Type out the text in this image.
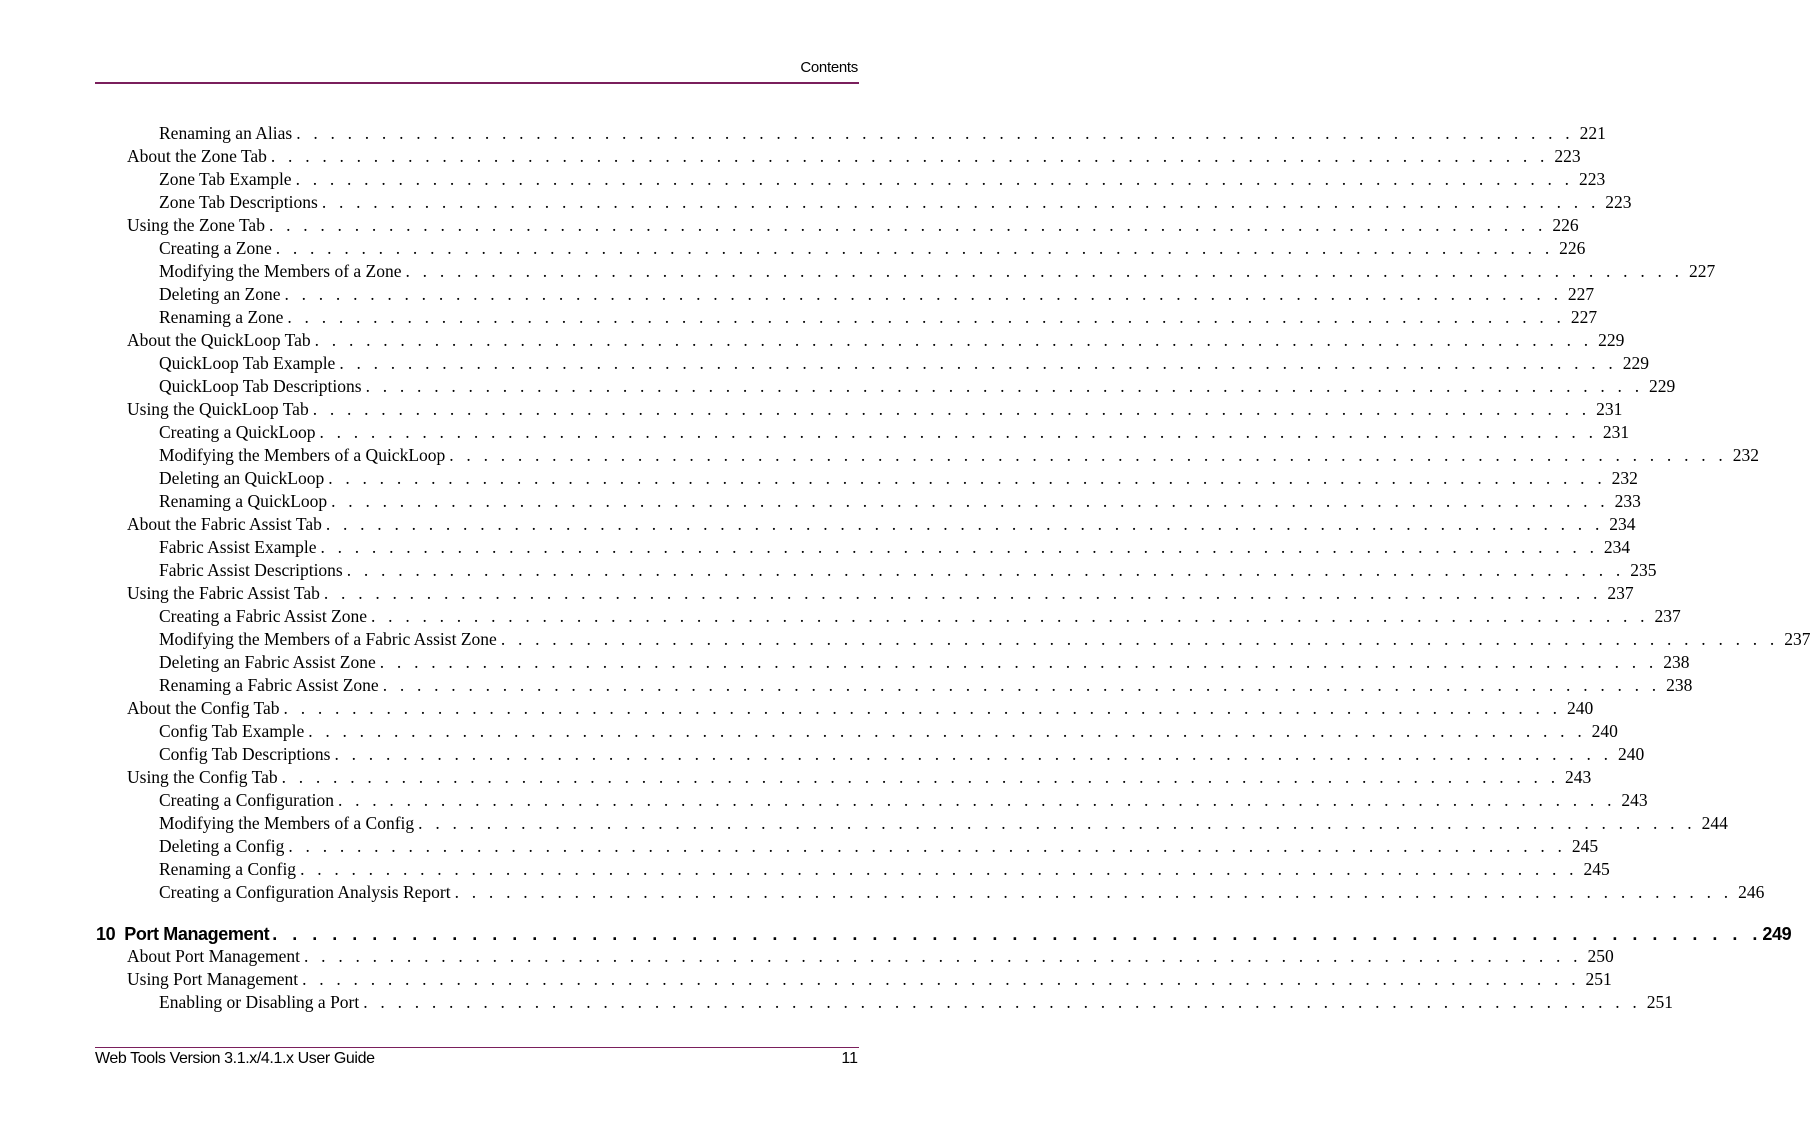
Contents
Renaming an Alias . . . . . . . . . . . . . . . . . . . . . . . . . . . . . . . . . . . . . . . . . . . . . . . . . . . . . . . . . . . . . . . . . . . . . . . . . . . 221
About the Zone Tab . . . . . . . . . . . . . . . . . . . . . . . . . . . . . . . . . . . . . . . . . . . . . . . . . . . . . . . . . . . . . . . . . . . . . . . . . . . 223
Zone Tab Example . . . . . . . . . . . . . . . . . . . . . . . . . . . . . . . . . . . . . . . . . . . . . . . . . . . . . . . . . . . . . . . . . . . . . . . . . . . 223
Zone Tab Descriptions . . . . . . . . . . . . . . . . . . . . . . . . . . . . . . . . . . . . . . . . . . . . . . . . . . . . . . . . . . . . . . . . . . . . . . . . . . . 223
Using the Zone Tab . . . . . . . . . . . . . . . . . . . . . . . . . . . . . . . . . . . . . . . . . . . . . . . . . . . . . . . . . . . . . . . . . . . . . . . . . . . 226
Creating a Zone . . . . . . . . . . . . . . . . . . . . . . . . . . . . . . . . . . . . . . . . . . . . . . . . . . . . . . . . . . . . . . . . . . . . . . . . . . . 226
Modifying the Members of a Zone . . . . . . . . . . . . . . . . . . . . . . . . . . . . . . . . . . . . . . . . . . . . . . . . . . . . . . . . . . . . . . . . . . . . . . . . . . . 227
Deleting an Zone . . . . . . . . . . . . . . . . . . . . . . . . . . . . . . . . . . . . . . . . . . . . . . . . . . . . . . . . . . . . . . . . . . . . . . . . . . . 227
Renaming a Zone . . . . . . . . . . . . . . . . . . . . . . . . . . . . . . . . . . . . . . . . . . . . . . . . . . . . . . . . . . . . . . . . . . . . . . . . . . . 227
About the QuickLoop Tab . . . . . . . . . . . . . . . . . . . . . . . . . . . . . . . . . . . . . . . . . . . . . . . . . . . . . . . . . . . . . . . . . . . . . . . . . . . 229
QuickLoop Tab Example . . . . . . . . . . . . . . . . . . . . . . . . . . . . . . . . . . . . . . . . . . . . . . . . . . . . . . . . . . . . . . . . . . . . . . . . . . . 229
QuickLoop Tab Descriptions . . . . . . . . . . . . . . . . . . . . . . . . . . . . . . . . . . . . . . . . . . . . . . . . . . . . . . . . . . . . . . . . . . . . . . . . . . . 229
Using the QuickLoop Tab . . . . . . . . . . . . . . . . . . . . . . . . . . . . . . . . . . . . . . . . . . . . . . . . . . . . . . . . . . . . . . . . . . . . . . . . . . . 231
Creating a QuickLoop . . . . . . . . . . . . . . . . . . . . . . . . . . . . . . . . . . . . . . . . . . . . . . . . . . . . . . . . . . . . . . . . . . . . . . . . . . . 231
Modifying the Members of a QuickLoop . . . . . . . . . . . . . . . . . . . . . . . . . . . . . . . . . . . . . . . . . . . . . . . . . . . . . . . . . . . . . . . . . . . . . . . . . . . 232
Deleting an QuickLoop . . . . . . . . . . . . . . . . . . . . . . . . . . . . . . . . . . . . . . . . . . . . . . . . . . . . . . . . . . . . . . . . . . . . . . . . . . . 232
Renaming a QuickLoop . . . . . . . . . . . . . . . . . . . . . . . . . . . . . . . . . . . . . . . . . . . . . . . . . . . . . . . . . . . . . . . . . . . . . . . . . . . 233
About the Fabric Assist Tab . . . . . . . . . . . . . . . . . . . . . . . . . . . . . . . . . . . . . . . . . . . . . . . . . . . . . . . . . . . . . . . . . . . . . . . . . . . 234
Fabric Assist Example . . . . . . . . . . . . . . . . . . . . . . . . . . . . . . . . . . . . . . . . . . . . . . . . . . . . . . . . . . . . . . . . . . . . . . . . . . . 234
Fabric Assist Descriptions . . . . . . . . . . . . . . . . . . . . . . . . . . . . . . . . . . . . . . . . . . . . . . . . . . . . . . . . . . . . . . . . . . . . . . . . . . . 235
Using the Fabric Assist Tab . . . . . . . . . . . . . . . . . . . . . . . . . . . . . . . . . . . . . . . . . . . . . . . . . . . . . . . . . . . . . . . . . . . . . . . . . . . 237
Creating a Fabric Assist Zone . . . . . . . . . . . . . . . . . . . . . . . . . . . . . . . . . . . . . . . . . . . . . . . . . . . . . . . . . . . . . . . . . . . . . . . . . . . 237
Modifying the Members of a Fabric Assist Zone . . . . . . . . . . . . . . . . . . . . . . . . . . . . . . . . . . . . . . . . . . . . . . . . . . . . . . . . . . . . . . . . . . . . . . . . . . . 237
Deleting an Fabric Assist Zone . . . . . . . . . . . . . . . . . . . . . . . . . . . . . . . . . . . . . . . . . . . . . . . . . . . . . . . . . . . . . . . . . . . . . . . . . . . 238
Renaming a Fabric Assist Zone . . . . . . . . . . . . . . . . . . . . . . . . . . . . . . . . . . . . . . . . . . . . . . . . . . . . . . . . . . . . . . . . . . . . . . . . . . . 238
About the Config Tab . . . . . . . . . . . . . . . . . . . . . . . . . . . . . . . . . . . . . . . . . . . . . . . . . . . . . . . . . . . . . . . . . . . . . . . . . . . 240
Config Tab Example . . . . . . . . . . . . . . . . . . . . . . . . . . . . . . . . . . . . . . . . . . . . . . . . . . . . . . . . . . . . . . . . . . . . . . . . . . . 240
Config Tab Descriptions . . . . . . . . . . . . . . . . . . . . . . . . . . . . . . . . . . . . . . . . . . . . . . . . . . . . . . . . . . . . . . . . . . . . . . . . . . . 240
Using the Config Tab . . . . . . . . . . . . . . . . . . . . . . . . . . . . . . . . . . . . . . . . . . . . . . . . . . . . . . . . . . . . . . . . . . . . . . . . . . . 243
Creating a Configuration . . . . . . . . . . . . . . . . . . . . . . . . . . . . . . . . . . . . . . . . . . . . . . . . . . . . . . . . . . . . . . . . . . . . . . . . . . . 243
Modifying the Members of a Config . . . . . . . . . . . . . . . . . . . . . . . . . . . . . . . . . . . . . . . . . . . . . . . . . . . . . . . . . . . . . . . . . . . . . . . . . . . 244
Deleting a Config . . . . . . . . . . . . . . . . . . . . . . . . . . . . . . . . . . . . . . . . . . . . . . . . . . . . . . . . . . . . . . . . . . . . . . . . . . . 245
Renaming a Config . . . . . . . . . . . . . . . . . . . . . . . . . . . . . . . . . . . . . . . . . . . . . . . . . . . . . . . . . . . . . . . . . . . . . . . . . . . 245
Creating a Configuration Analysis Report . . . . . . . . . . . . . . . . . . . . . . . . . . . . . . . . . . . . . . . . . . . . . . . . . . . . . . . . . . . . . . . . . . . . . . . . . . . 246
10 Port Management . . . . . . . . . . . . . . . . . . . . . . . . . . . . . . . . . . . . . . . . . . . . . . . . . . . . . . . . . . . . . . . . . . . . . . . . . . . 249
About Port Management . . . . . . . . . . . . . . . . . . . . . . . . . . . . . . . . . . . . . . . . . . . . . . . . . . . . . . . . . . . . . . . . . . . . . . . . . . . 250
Using Port Management . . . . . . . . . . . . . . . . . . . . . . . . . . . . . . . . . . . . . . . . . . . . . . . . . . . . . . . . . . . . . . . . . . . . . . . . . . . 251
Enabling or Disabling a Port . . . . . . . . . . . . . . . . . . . . . . . . . . . . . . . . . . . . . . . . . . . . . . . . . . . . . . . . . . . . . . . . . . . . . . . . . . . 251
Web Tools Version 3.1.x/4.1.x User Guide	11
